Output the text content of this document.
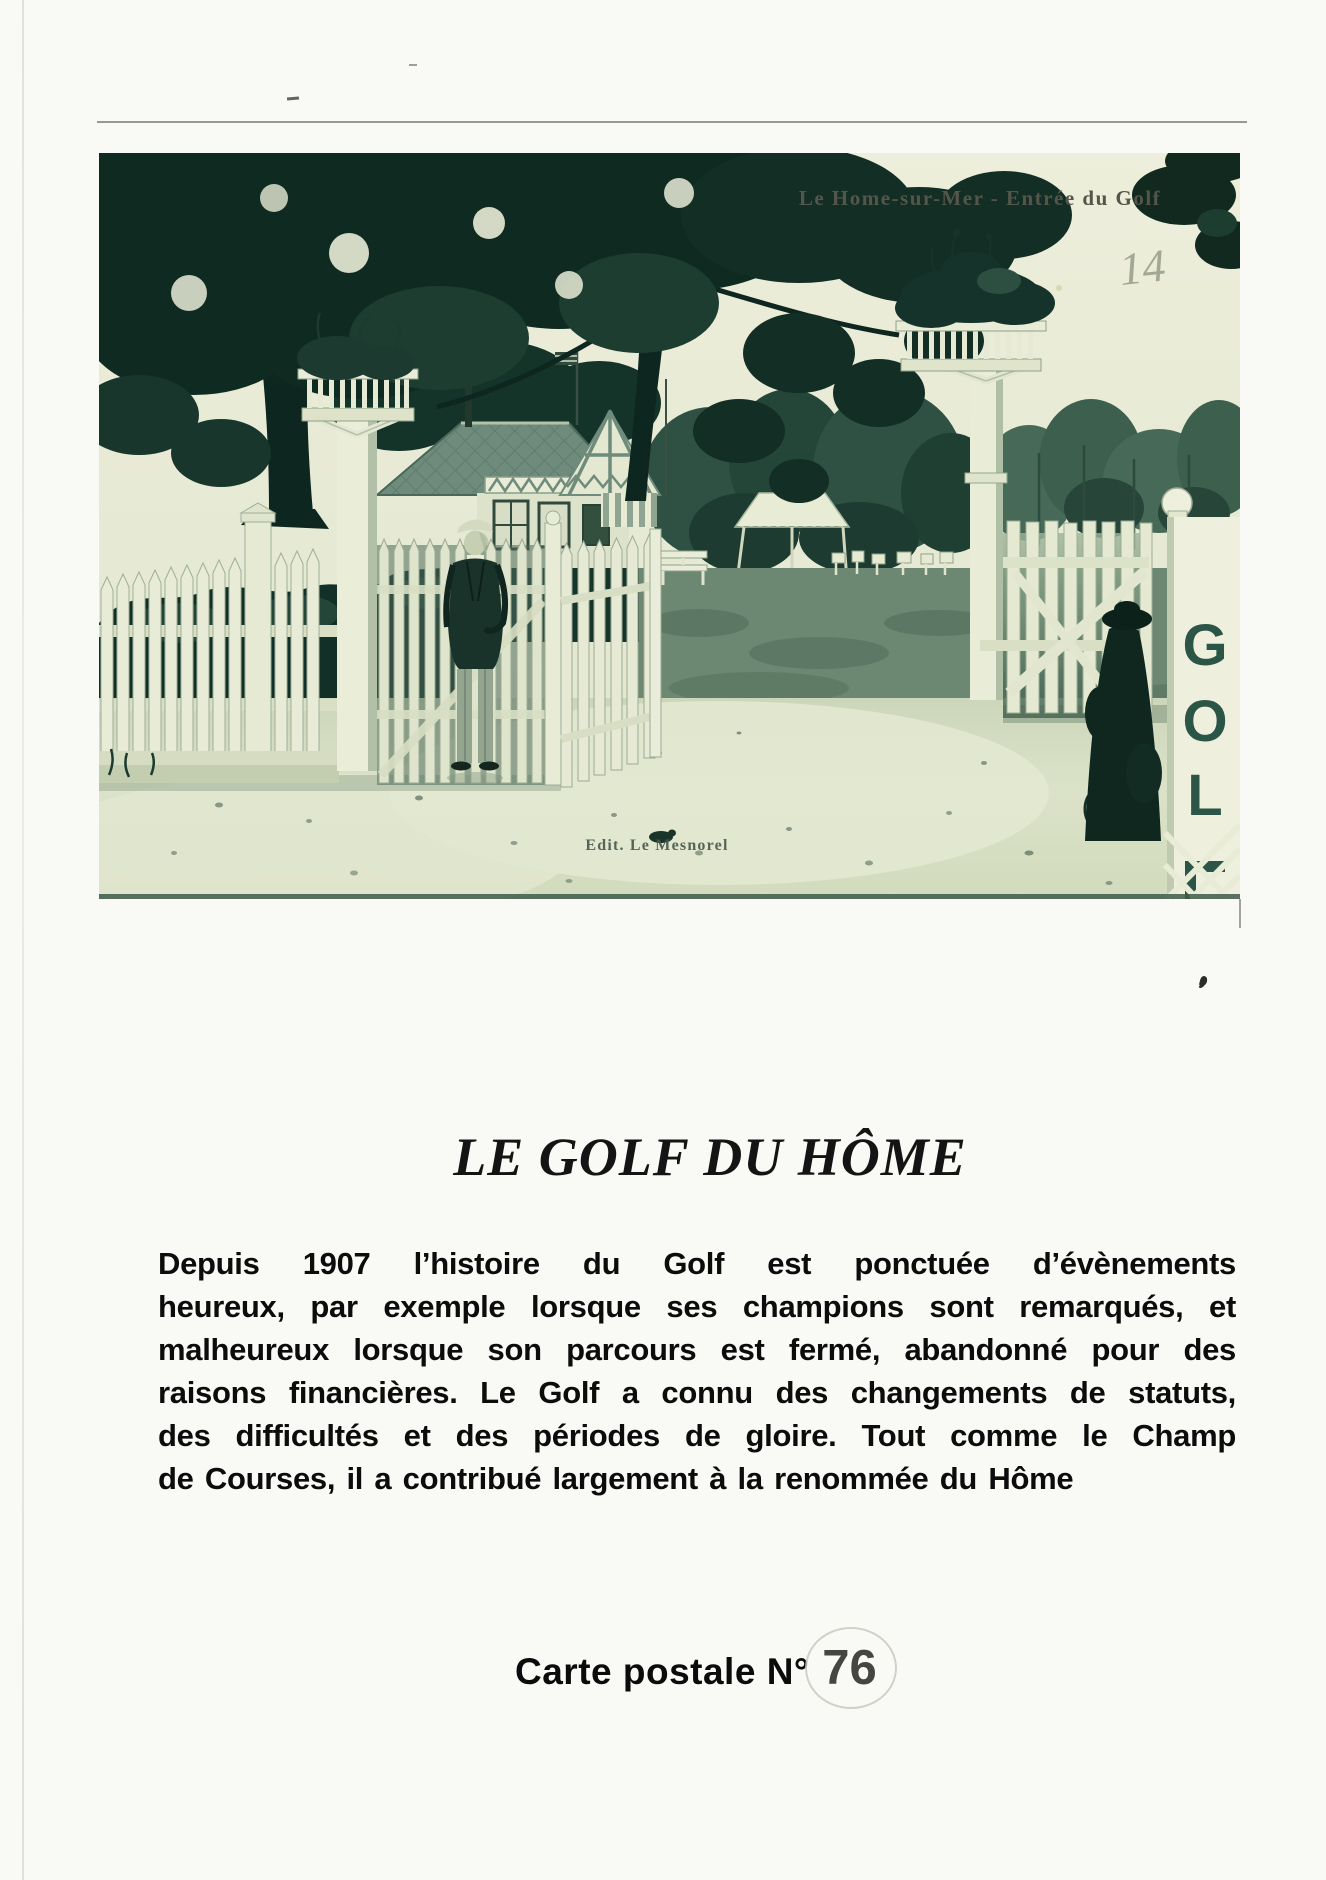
G
O
L
Le Home-sur-Mer - Entrée du Golf
14
Edit. Le Mesnorel
LE GOLF DU HÔME
Depuis 1907 l’histoire du Golf est ponctuée d’évènements
heureux, par exemple lorsque ses champions sont remarqués, et
malheureux lorsque son parcours est fermé, abandonné pour des
raisons financières. Le Golf a connu des changements de statuts,
des difficultés et des périodes de gloire. Tout comme le Champ
de Courses, il a contribué largement à la renommée du Hôme
Carte postale N° 76
